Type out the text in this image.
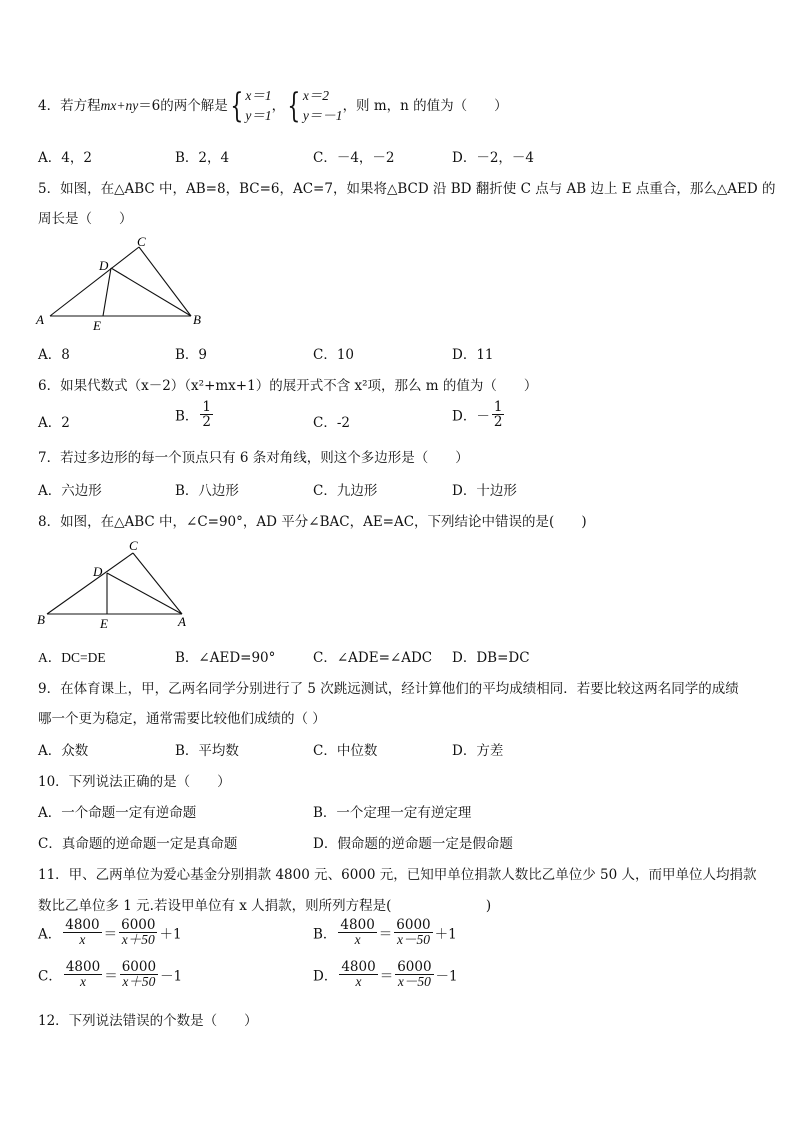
4．若方程mx+ny＝6的两个解是{ x＝1
y＝1，{ x＝2
y＝－1，则 m，n 的值为（　　）
A．4，2	B．2，4	C．－4，－2	D．－2，－4
5．如图，在△ABC 中，AB=8，BC=6，AC=7，如果将△BCD 沿 BD 翻折使 C 点与 AB 边上 E 点重合，那么△AED 的
周长是（　　）
A	B
C
D
E
A．8	B．9	C．10	D．11
6．如果代数式（x－2）（x²+mx+1）的展开式不含 x²项，那么 m 的值为（　　）
A．2	B． $\frac{1}{2}$	C．-2	D．－ $\frac{1}{2}$
7．若过多边形的每一个顶点只有 6 条对角线，则这个多边形是（　　）
A．六边形	B．八边形	C．九边形	D．十边形
8．如图，在△ABC 中，∠C=90°，AD 平分∠BAC，AE=AC，下列结论中错误的是(　　)
B	A
C
D
E
A．DC=DE	B．∠AED=90°	C．∠ADE=∠ADC D．DB=DC
9．在体育课上，甲，乙两名同学分别进行了 5 次跳远测试，经计算他们的平均成绩相同．若要比较这两名同学的成绩
哪一个更为稳定，通常需要比较他们成绩的（ ）
A．众数	B．平均数	C．中位数	D．方差
10．下列说法正确的是（　　）
A．一个命题一定有逆命题	B．一个定理一定有逆定理
C．真命题的逆命题一定是真命题	D．假命题的逆命题一定是假命题
11．甲、乙两单位为爱心基金分别捐款 4800 元、6000 元，已知甲单位捐款人数比乙单位少 50 人，而甲单位人均捐款
数比乙单位多 1 元.若设甲单位有 x 人捐款，则所列方程是(　　　　　　　)
A． $\frac{4800}{x} = \frac{6000}{x+50} +1$	B． $\frac{4800}{x} = \frac{6000}{x-50} +1$
C． $\frac{4800}{x} = \frac{6000}{x+50} -1$	D． $\frac{4800}{x} = \frac{6000}{x-50} -1$
12．下列说法错误的个数是（　　）
